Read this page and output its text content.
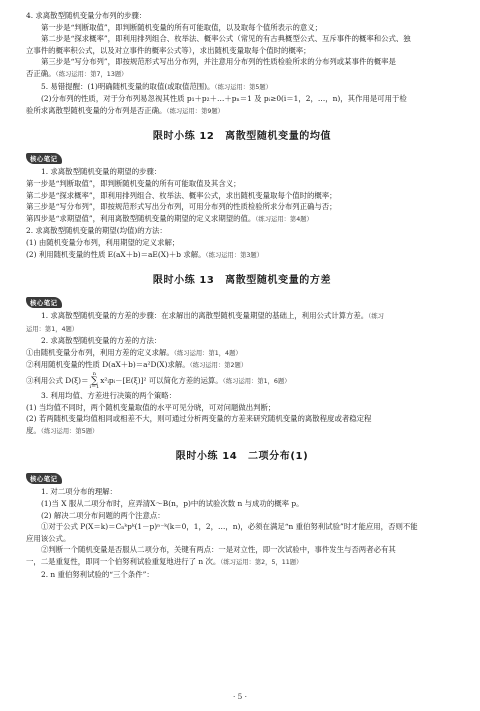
4. 求离散型随机变量分布列的步骤：
第一步是“判断取值”，即判断随机变量的所有可能取值，以及取每个值所表示的意义；
第二步是“探求概率”，即利用排列组合、枚举法、概率公式（常见的有古典概型公式、互斥事件的概率和公式、独
立事件的概率积公式，以及对立事件的概率公式等），求出随机变量取每个值时的概率；
第三步是“写分布列”，即按规范形式写出分布列，并注意用分布列的性质检验所求的分布列或某事件的概率是
否正确。（练习运用：第7，13题）
5. 易错提醒：(1)明确随机变量的取值(或取值范围)。（练习运用：第5题）
(2)分布列的性质，对于分布列易忽视其性质 p₁＋p₂＋…＋pₙ＝1 及 pᵢ≥0(i＝1，2，…，n)，其作用是可用于检
验所求离散型随机变量的分布列是否正确。（练习运用：第9题）
限时小练 12　离散型随机变量的均值
核心笔记
1. 求离散型随机变量的期望的步骤：
第一步是“判断取值”，即判断随机变量的所有可能取值及其含义；
第二步是“探求概率”，即利用排列组合、枚举法、概率公式，求出随机变量取每个值时的概率；
第三步是“写分布列”，即按规范形式写出分布列，可用分布列的性质检验所求分布列正确与否；
第四步是“求期望值”，利用离散型随机变量的期望的定义求期望的值。（练习运用：第4题）
2. 求离散型随机变量的期望(均值)的方法：
(1) 由随机变量分布列，利用期望的定义求解；
(2) 利用随机变量的性质 E(aX＋b)＝aE(X)＋b 求解。（练习运用：第3题）
限时小练 13　离散型随机变量的方差
核心笔记
1. 求离散型随机变量的方差的步骤：在求解出的离散型随机变量期望的基础上，利用公式计算方差。（练习
运用：第1，4题）
2. 求离散型随机变量的方差的方法：
①由随机变量分布列，利用方差的定义求解。（练习运用：第1，4题）
②利用随机变量的性质 D(aX＋b)＝a²D(X)求解。（练习运用：第2题）
③利用公式 D(ξ)＝n
∑
i＝1x²ᵢpᵢ－[E(ξ)]² 可以简化方差的运算。（练习运用：第1，6题）
3. 利用均值、方差进行决策的两个策略：
(1) 当均值不同时，两个随机变量取值的水平可见分晓，可对问题做出判断；
(2) 若两随机变量均值相同或相差不大，则可通过分析两变量的方差来研究随机变量的离散程度或者稳定程
度。（练习运用：第5题）
限时小练 14　二项分布(1)
核心笔记
1. 对二项分布的理解：
(1)当 X 服从二项分布时，应弄清X～B(n，p)中的试验次数 n 与成功的概率 p。
(2) 解决二项分布问题的两个注意点：
①对于公式 P(X＝k)＝Cₙᵏpᵏ(1－p)ⁿ⁻ᵏ(k＝0，1，2，…，n)，必须在满足“n 重伯努利试验”时才能应用，否则不能
应用该公式。
②判断一个随机变量是否服从二项分布，关键有两点：一是对立性，即一次试验中，事件发生与否两者必有其
一，二是重复性，即同一个伯努利试验重复地进行了 n 次。（练习运用：第2，5，11题）
2. n 重伯努利试验的“三个条件”：
· 5 ·
